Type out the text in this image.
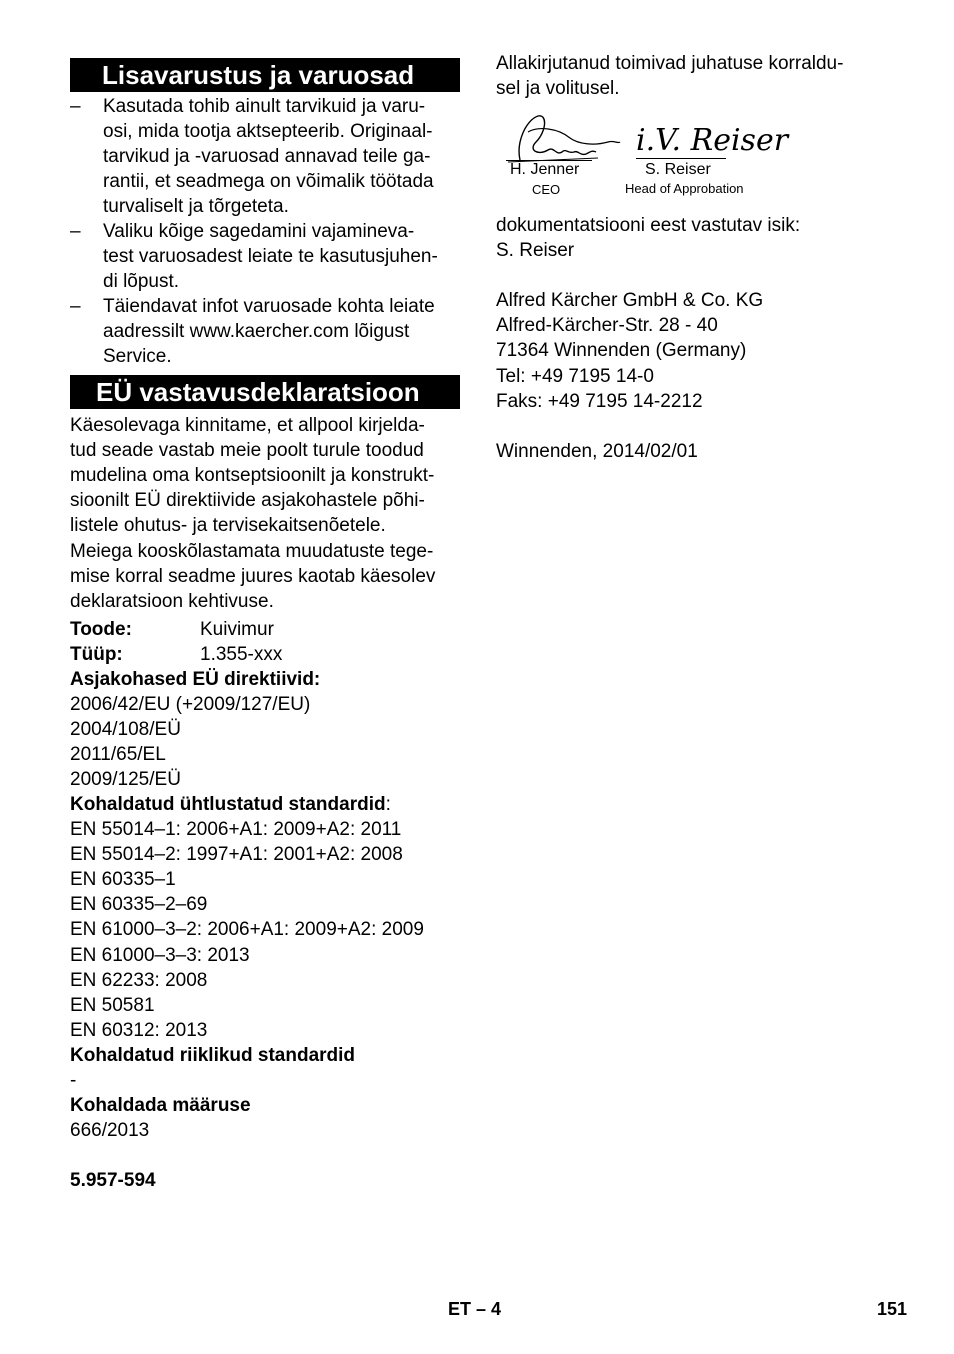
Lisavarustus ja varuosad
– Kasutada tohib ainult tarvikuid ja varu-
osi, mida tootja aktsepteerib. Originaal-
tarvikud ja -varuosad annavad teile ga-
rantii, et seadmega on võimalik töötada
turvaliselt ja tõrgeteta.
– Valiku kõige sagedamini vajamineva-
test varuosadest leiate te kasutusjuhen-
di lõpust.
– Täiendavat infot varuosade kohta leiate
aadressilt www.kaercher.com lõigust
Service.
EÜ vastavusdeklaratsioon
Käesolevaga kinnitame, et allpool kirjelda-
tud seade vastab meie poolt turule toodud
mudelina oma kontseptsioonilt ja konstrukt-
sioonilt EÜ direktiivide asjakohastele põhi-
listele ohutus- ja tervisekaitsenõetele.
Meiega kooskõlastamata muudatuste tege-
mise korral seadme juures kaotab käesolev
deklaratsioon kehtivuse.
Toode:	Kuivimur
Tüüp:	1.355-xxx
Asjakohased EÜ direktiivid:
2006/42/EU (+2009/127/EU)
2004/108/EÜ
2011/65/EL
2009/125/EÜ
Kohaldatud ühtlustatud standardid:
EN 55014–1: 2006+A1: 2009+A2: 2011
EN 55014–2: 1997+A1: 2001+A2: 2008
EN 60335–1
EN 60335–2–69
EN 61000–3–2: 2006+A1: 2009+A2: 2009
EN 61000–3–3: 2013
EN 62233: 2008
EN 50581
EN 60312: 2013
Kohaldatud riiklikud standardid
-
Kohaldada määruse
666/2013
5.957-594
Allakirjutanud toimivad juhatuse korraldu-
sel ja volitusel.
i.V. Reiser
H. Jenner
CEO
S. Reiser
Head of Approbation
dokumentatsiooni eest vastutav isik:
S. Reiser
Alfred Kärcher GmbH & Co. KG
Alfred-Kärcher-Str. 28 - 40
71364 Winnenden (Germany)
Tel: +49 7195 14-0
Faks: +49 7195 14-2212
Winnenden, 2014/02/01
ET – 4	151
